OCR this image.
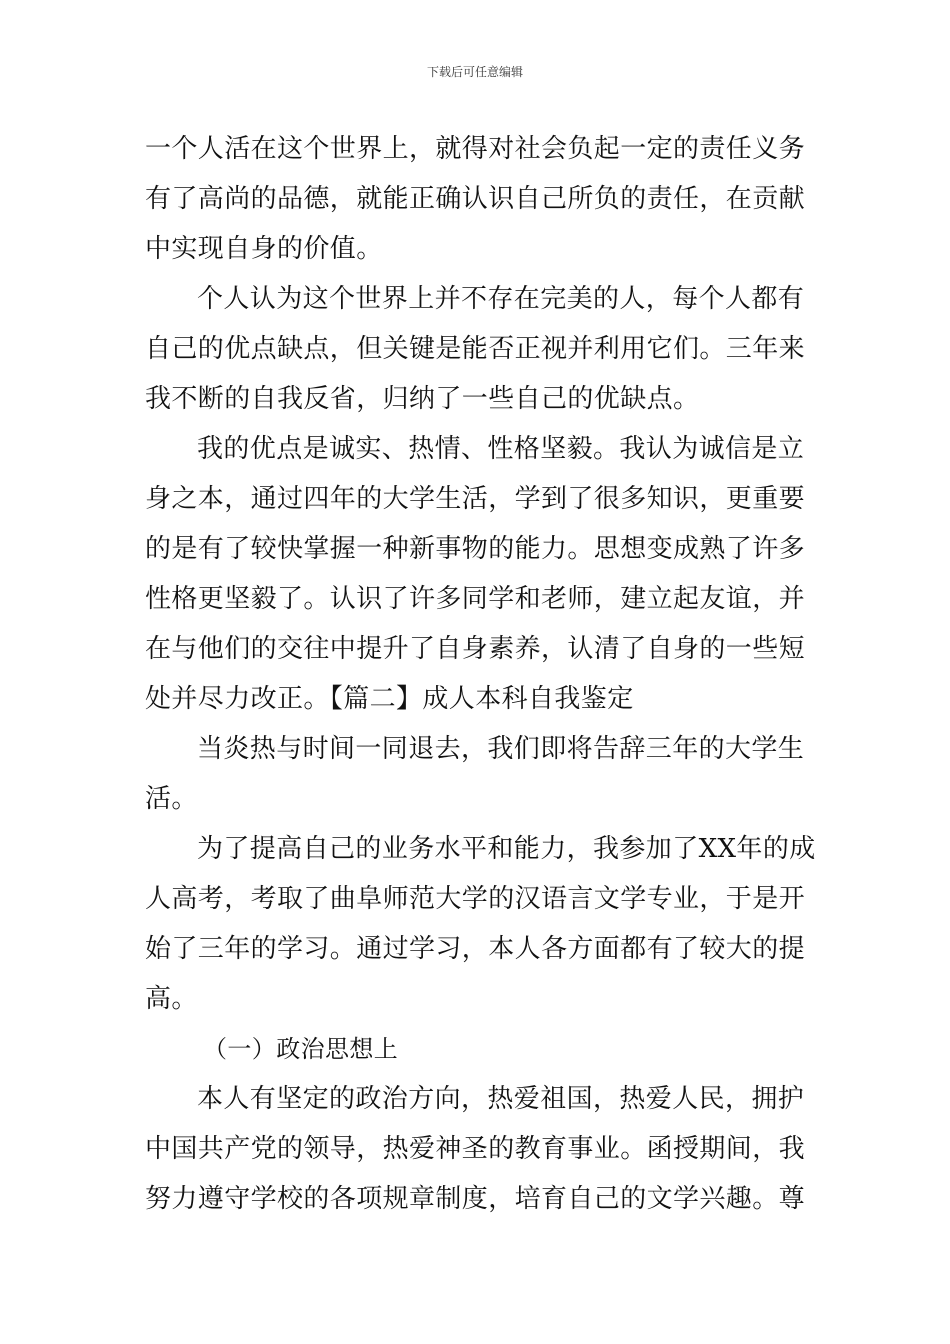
下载后可任意编辑
一个人活在这个世界上，就得对社会负起一定的责任义务
有了高尚的品德，就能正确认识自己所负的责任，在贡献
中实现自身的价值。
个人认为这个世界上并不存在完美的人，每个人都有
自己的优点缺点，但关键是能否正视并利用它们。三年来
我不断的自我反省，归纳了一些自己的优缺点。
我的优点是诚实、热情、性格坚毅。我认为诚信是立
身之本，通过四年的大学生活，学到了很多知识，更重要
的是有了较快掌握一种新事物的能力。思想变成熟了许多
性格更坚毅了。认识了许多同学和老师，建立起友谊，并
在与他们的交往中提升了自身素养，认清了自身的一些短
处并尽力改正。【篇二】成人本科自我鉴定
当炎热与时间一同退去，我们即将告辞三年的大学生
活。
为了提高自己的业务水平和能力，我参加了XX年的成
人高考，考取了曲阜师范大学的汉语言文学专业，于是开
始了三年的学习。通过学习，本人各方面都有了较大的提
高。
（一）政治思想上
本人有坚定的政治方向，热爱祖国，热爱人民，拥护
中国共产党的领导，热爱神圣的教育事业。函授期间，我
努力遵守学校的各项规章制度，培育自己的文学兴趣。尊
